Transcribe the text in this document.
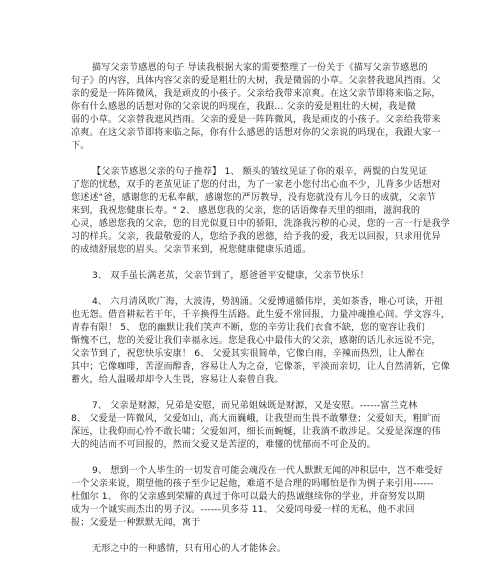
描写父亲节感恩的句子 导读我根据大家的需要整理了一份关于《描写父亲节感恩的
句子》的内容，具体内容父亲的爱是粗壮的大树，我是微弱的小草。父亲替我遮风挡雨。父
亲的爱是一阵阵微风，我是顽皮的小孩子。父亲给我带来凉爽。在这父亲节即将来临之际，
你有什么感恩的话想对你的父亲说的吗现在，我跟... 父亲的爱是粗壮的大树，我是微
弱的小草。父亲替我遮风挡雨。父亲的爱是一阵阵微风，我是顽皮的小孩子。父亲给我带来
凉爽。在这父亲节即将来临之际，你有什么感恩的话想对你的父亲说的吗现在，我跟大家一
下。
【父亲节感恩父亲的句子推荐】 1、 额头的皱纹见证了你的艰辛，两鬓的白发见证
了您的忧愁，双手的老茧见证了您的付出，为了一家老小您付出心血不少，儿背多少话想对
您述述"爸，感谢您的无私奉献，感谢您的严厉教导，没有您就没有儿今日的成就，父亲节
来到，我祝您健康长寿。" 2、 感恩您我的父亲，您的话语像春天里的细雨，滋润我的
心灵，感恩您我的父亲，您的目光似夏日中的骄阳，洗涤我污秽的心灵，您的一言一行是我学
习的样兵。父亲，我最敬爱的人，您给予我的恩德，给予我的爱，我无以回报，只求用优异
的成绩舒展您的眉头。父亲节来到，祝您健康健康乐逍遥。
3、 双手虽长满老茧，父亲节到了，愿爸爸平安健康，父亲节快乐！
4、 六月清风吹广海，大波涛，势汹涌。父爱博通循伟岸，美如茶香，唯心可读，开祖
也无怨。借音耕耘若干年，千辛换得生活路。此生爱不常回报，力量冲魂推心间。学文容斗，
青春有限！ 5、 您的幽默让我们笑声不断，您的辛劳让我们衣食不缺，您的宽容让我们
惭愧不已，您的关爱让我们幸福永远。您是我心中最伟大的父亲，感谢的话儿永远说不完，
父亲节到了，祝您快乐安康！ 6、 父爱其实很简单，它像白雨，辛辣而热烈，让人醉在
其中；它像咖啡，苦涩而醇香，容易让人为之奋，它像茶，平淡而亲切，让人自然清新，它像
蓄火，给人温暖却却令人生畏，容易让人泰曾自我。
7、 父亲是财源，兄弟是安慰，而兄弟姐妹既是财源，又是安慰。------富兰克林
8、 父爱是一阵微风，父爱如山，高大而巍峨，让我望而生畏不敢攀登；父爱如天，粗旷而
深远，让我仰而心怜不敢长啸；父爱如河，细长而蜿蜒，让我淌不敢涉足。父爱是深邃的伟
大的纯洁而不可回报的，然而父爱又是苦涩的，难懂的忧郁而不可企及的。
9、 想到一个人毕生的一切发音可能会魂没在一代人默默无闻的冲积层中，岂不难受好
一个父亲来说，期望他的孩子至少记起他，难道不是合理的吗哪怕是作为例子来引用------
杜伽尔 1、 你的父亲感到荣耀的真过于你可以最大的热诚继续你的学业，并奋努发以期
成为一个诚实而杰出的男子汉。------贝多芬 11、 父爱同母爱一样的无私，他不求回
报；父爱是一种默默无闻，寓于
无形之中的一种感情，只有用心的人才能体会。
